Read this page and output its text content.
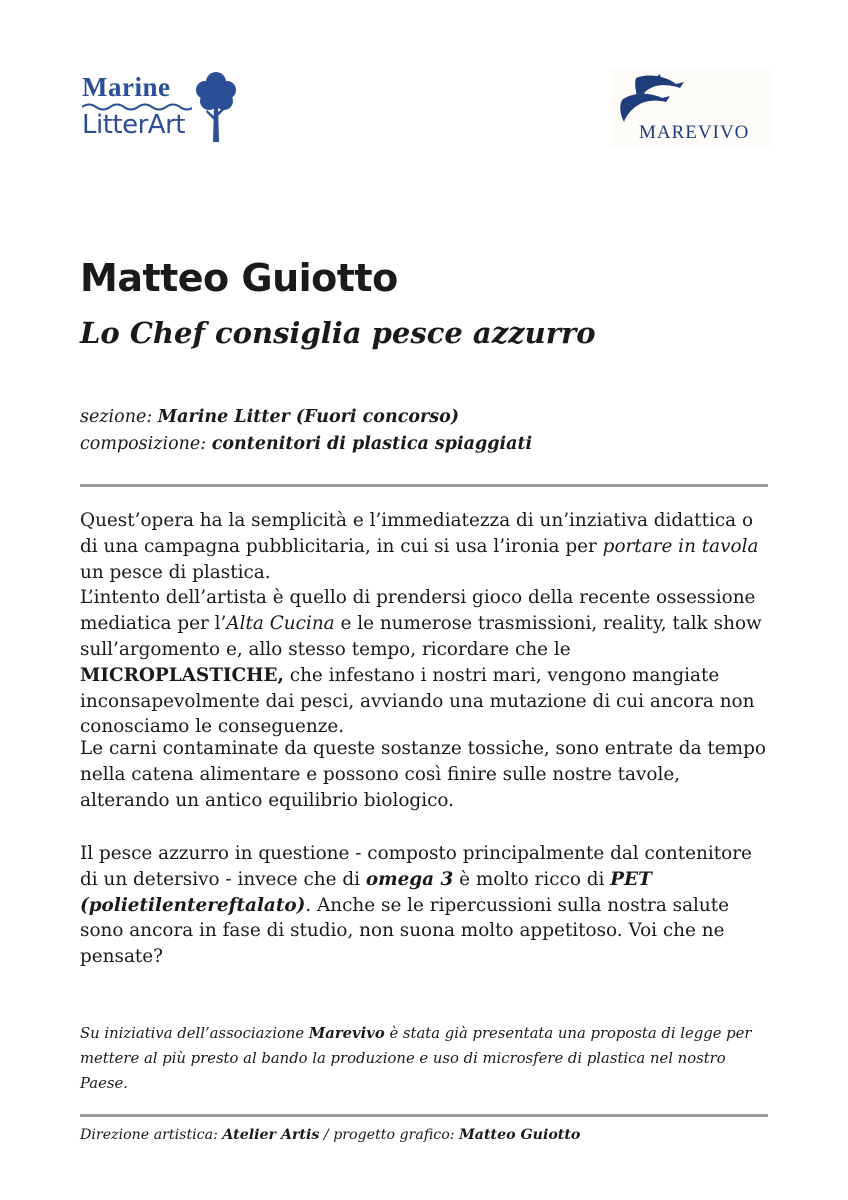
Marine
LitterArt	MAREVIVO
Matteo Guiotto
Lo Chef consiglia pesce azzurro
sezione: Marine Litter (Fuori concorso)
composizione: contenitori di plastica spiaggiati

Quest’opera ha la semplicità e l’immediatezza di un’inziativa didattica o di una campagna pubblicitaria, in cui si usa l’ironia per portare in tavola un pesce di plastica.

L’intento dell’artista è quello di prendersi gioco della recente ossessione mediatica per l’Alta Cucina e le numerose trasmissioni, reality, talk show sull’argomento e, allo stesso tempo, ricordare che le MICROPLASTICHE, che infestano i nostri mari, vengono mangiate inconsapevolmente dai pesci, avviando una mutazione di cui ancora non conosciamo le conseguenze.

Le carni contaminate da queste sostanze tossiche, sono entrate da tempo nella catena alimentare e possono così finire sulle nostre tavole, alterando un antico equilibrio biologico.

Il pesce azzurro in questione - composto principalmente dal contenitore di un detersivo - invece che di omega 3 è molto ricco di PET (polietilentereftalato). Anche se le ripercussioni sulla nostra salute sono ancora in fase di studio, non suona molto appetitoso. Voi che ne pensate?

Su iniziativa dell’associazione Marevivo è stata già presentata una proposta di legge per mettere al più presto al bando la produzione e uso di microsfere di plastica nel nostro Paese.
Direzione artistica: Atelier Artis / progetto grafico: Matteo Guiotto
